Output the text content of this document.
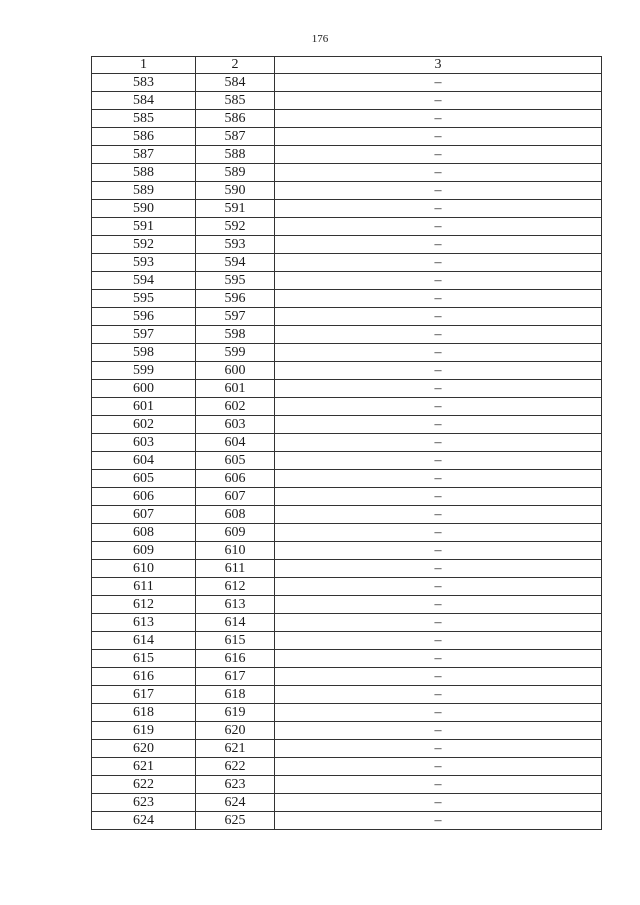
176
1	2	3
583	584	–
584	585	–
585	586	–
586	587	–
587	588	–
588	589	–
589	590	–
590	591	–
591	592	–
592	593	–
593	594	–
594	595	–
595	596	–
596	597	–
597	598	–
598	599	–
599	600	–
600	601	–
601	602	–
602	603	–
603	604	–
604	605	–
605	606	–
606	607	–
607	608	–
608	609	–
609	610	–
610	611	–
611	612	–
612	613	–
613	614	–
614	615	–
615	616	–
616	617	–
617	618	–
618	619	–
619	620	–
620	621	–
621	622	–
622	623	–
623	624	–
624	625	–
